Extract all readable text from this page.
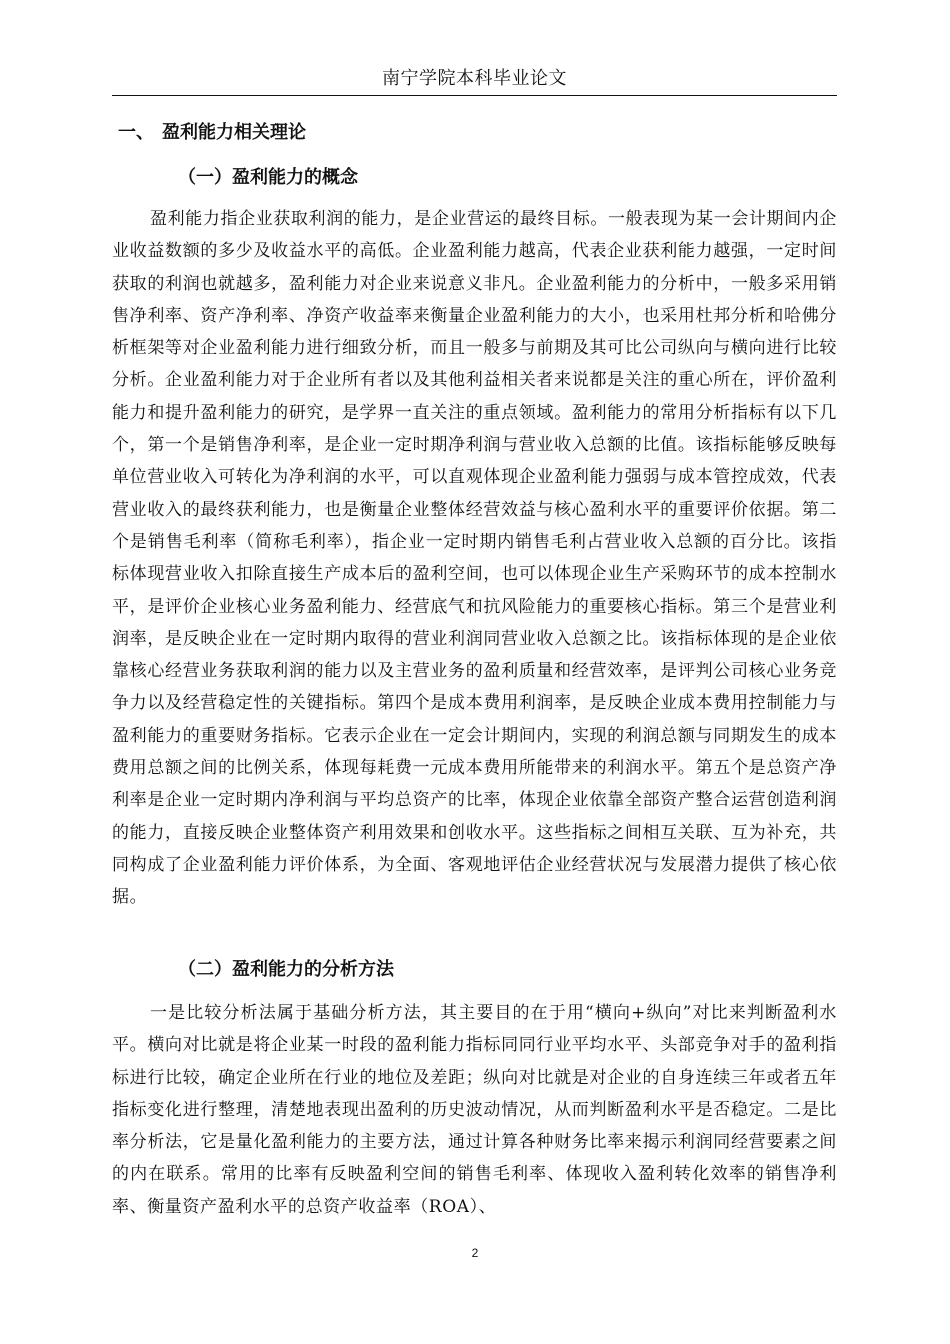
南宁学院本科毕业论文
一、 盈利能力相关理论
（一）盈利能力的概念

盈利能力指企业获取利润的能力，是企业营运的最终目标。一般表现为某一会计期间内企业收益数额的多少及收益水平的高低。企业盈利能力越高，代表企业获利能力越强，一定时间获取的利润也就越多，盈利能力对企业来说意义非凡。企业盈利能力的分析中，一般多采用销售净利率、资产净利率、净资产收益率来衡量企业盈利能力的大小，也采用杜邦分析和哈佛分析框架等对企业盈利能力进行细致分析，而且一般多与前期及其可比公司纵向与横向进行比较分析。企业盈利能力对于企业所有者以及其他利益相关者来说都是关注的重心所在，评价盈利能力和提升盈利能力的研究，是学界一直关注的重点领域。盈利能力的常用分析指标有以下几个，第一个是销售净利率，是企业一定时期净利润与营业收入总额的比值。该指标能够反映每单位营业收入可转化为净利润的水平，可以直观体现企业盈利能力强弱与成本管控成效，代表营业收入的最终获利能力，也是衡量企业整体经营效益与核心盈利水平的重要评价依据。第二个是销售毛利率（简称毛利率），指企业一定时期内销售毛利占营业收入总额的百分比。该指标体现营业收入扣除直接生产成本后的盈利空间，也可以体现企业生产采购环节的成本控制水平，是评价企业核心业务盈利能力、经营底气和抗风险能力的重要核心指标。第三个是营业利润率，是反映企业在一定时期内取得的营业利润同营业收入总额之比。该指标体现的是企业依靠核心经营业务获取利润的能力以及主营业务的盈利质量和经营效率，是评判公司核心业务竞争力以及经营稳定性的关键指标。第四个是成本费用利润率，是反映企业成本费用控制能力与盈利能力的重要财务指标。它表示企业在一定会计期间内，实现的利润总额与同期发生的成本费用总额之间的比例关系，体现每耗费一元成本费用所能带来的利润水平。第五个是总资产净利率是企业一定时期内净利润与平均总资产的比率，体现企业依靠全部资产整合运营创造利润的能力，直接反映企业整体资产利用效果和创收水平。这些指标之间相互关联、互为补充，共同构成了企业盈利能力评价体系，为全面、客观地评估企业经营状况与发展潜力提供了核心依据。

（二）盈利能力的分析方法

一是比较分析法属于基础分析方法，其主要目的在于用“横向+纵向”对比来判断盈利水平。横向对比就是将企业某一时段的盈利能力指标同同行业平均水平、头部竞争对手的盈利指标进行比较，确定企业所在行业的地位及差距；纵向对比就是对企业的自身连续三年或者五年指标变化进行整理，清楚地表现出盈利的历史波动情况，从而判断盈利水平是否稳定。二是比率分析法，它是量化盈利能力的主要方法，通过计算各种财务比率来揭示利润同经营要素之间的内在联系。常用的比率有反映盈利空间的销售毛利率、体现收入盈利转化效率的销售净利率、衡量资产盈利水平的总资产收益率（ROA）、

2
